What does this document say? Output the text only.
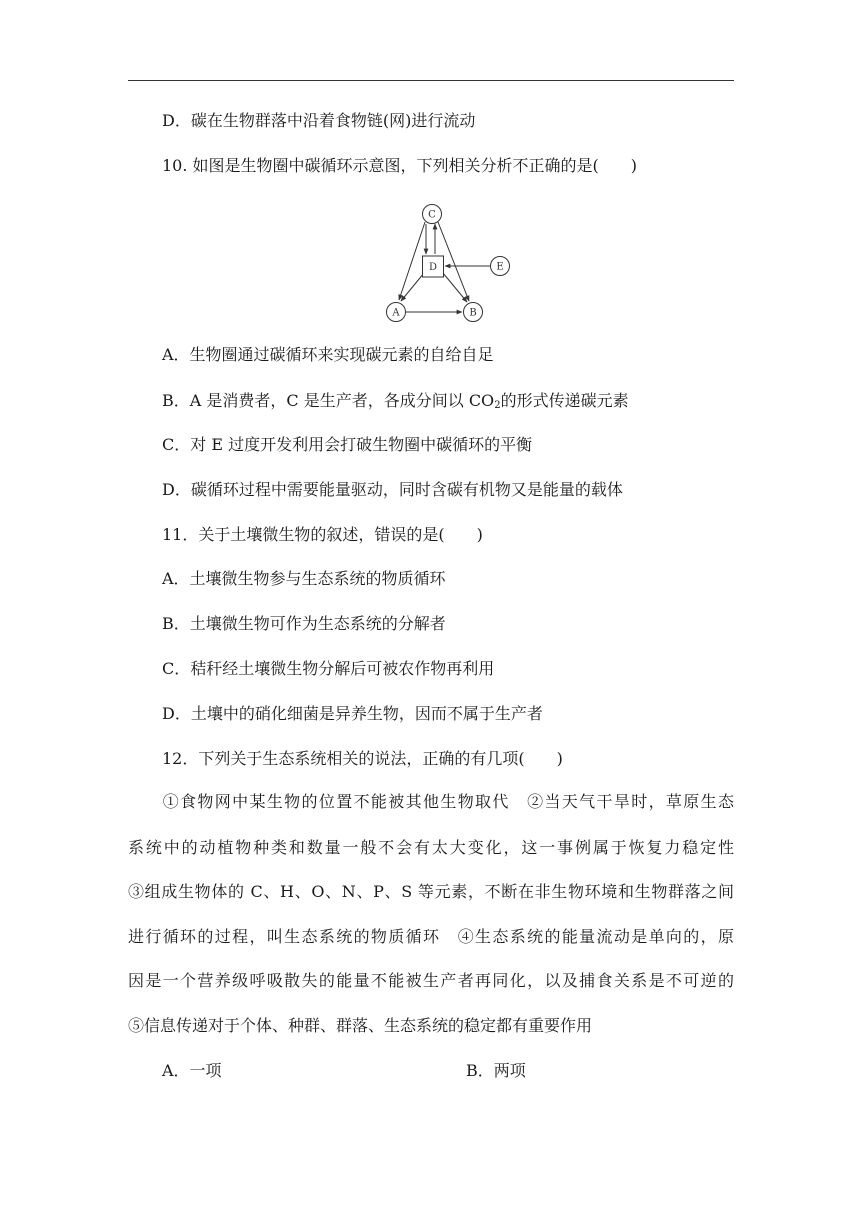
D．碳在生物群落中沿着食物链(网)进行流动
10. 如图是生物圈中碳循环示意图，下列相关分析不正确的是(　　)
C
D	E
A	B
A．生物圈通过碳循环来实现碳元素的自给自足
B．A 是消费者，C 是生产者，各成分间以 $CO_2$的形式传递碳元素
C．对 E 过度开发利用会打破生物圈中碳循环的平衡
D．碳循环过程中需要能量驱动，同时含碳有机物又是能量的载体
11．关于土壤微生物的叙述，错误的是(　　)
A．土壤微生物参与生态系统的物质循环
B．土壤微生物可作为生态系统的分解者
C．秸秆经土壤微生物分解后可被农作物再利用
D．土壤中的硝化细菌是异养生物，因而不属于生产者
12．下列关于生态系统相关的说法，正确的有几项(　　)
　　①食物网中某生物的位置不能被其他生物取代　②当天气干旱时，草原生态
系统中的动植物种类和数量一般不会有太大变化，这一事例属于恢复力稳定性
③组成生物体的 C、H、O、N、P、S 等元素，不断在非生物环境和生物群落之间
进行循环的过程，叫生态系统的物质循环　④生态系统的能量流动是单向的，原
因是一个营养级呼吸散失的能量不能被生产者再同化，以及捕食关系是不可逆的
⑤信息传递对于个体、种群、群落、生态系统的稳定都有重要作用
A．一项	B．两项
